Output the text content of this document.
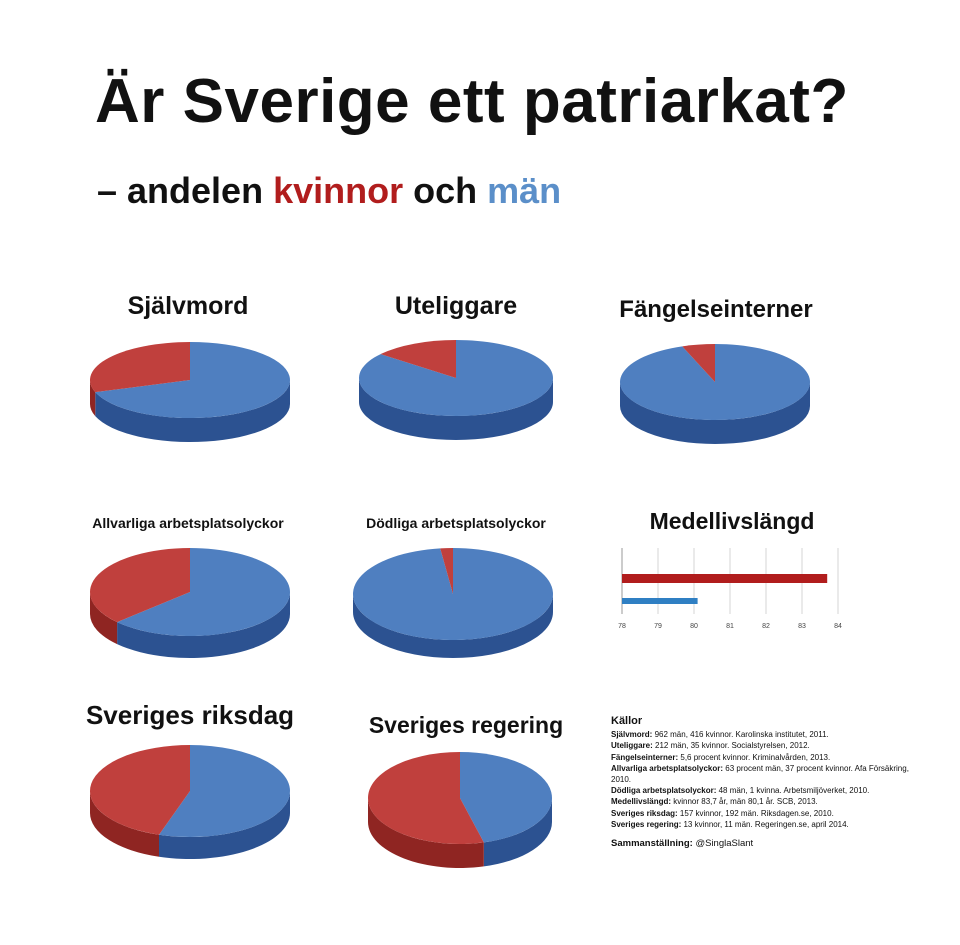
Är Sverige ett patriarkat?
– andelen kvinnor och män
Självmord	Uteliggare	Fängelseinterner
Allvarliga arbetsplatsolyckor	Dödliga arbetsplatsolyckor	Medellivslängd
78	79	80	81	82	83	84
Sveriges riksdag	Sveriges regering	Källor
Självmord: 962 män, 416 kvinnor. Karolinska institutet, 2011.
Uteliggare: 212 män, 35 kvinnor. Socialstyrelsen, 2012.
Fängelseinterner: 5,6 procent kvinnor. Kriminalvården, 2013.
Allvarliga arbetsplatsolyckor: 63 procent män, 37 procent kvinnor. Afa Försäkring, 2010.
Dödliga arbetsplatsolyckor: 48 män, 1 kvinna. Arbetsmiljöverket, 2010.
Medellivslängd: kvinnor 83,7 år, män 80,1 år. SCB, 2013.
Sveriges riksdag: 157 kvinnor, 192 män. Riksdagen.se, 2010.
Sveriges regering: 13 kvinnor, 11 män. Regeringen.se, april 2014.
Sammanställning: @SinglaSlant
